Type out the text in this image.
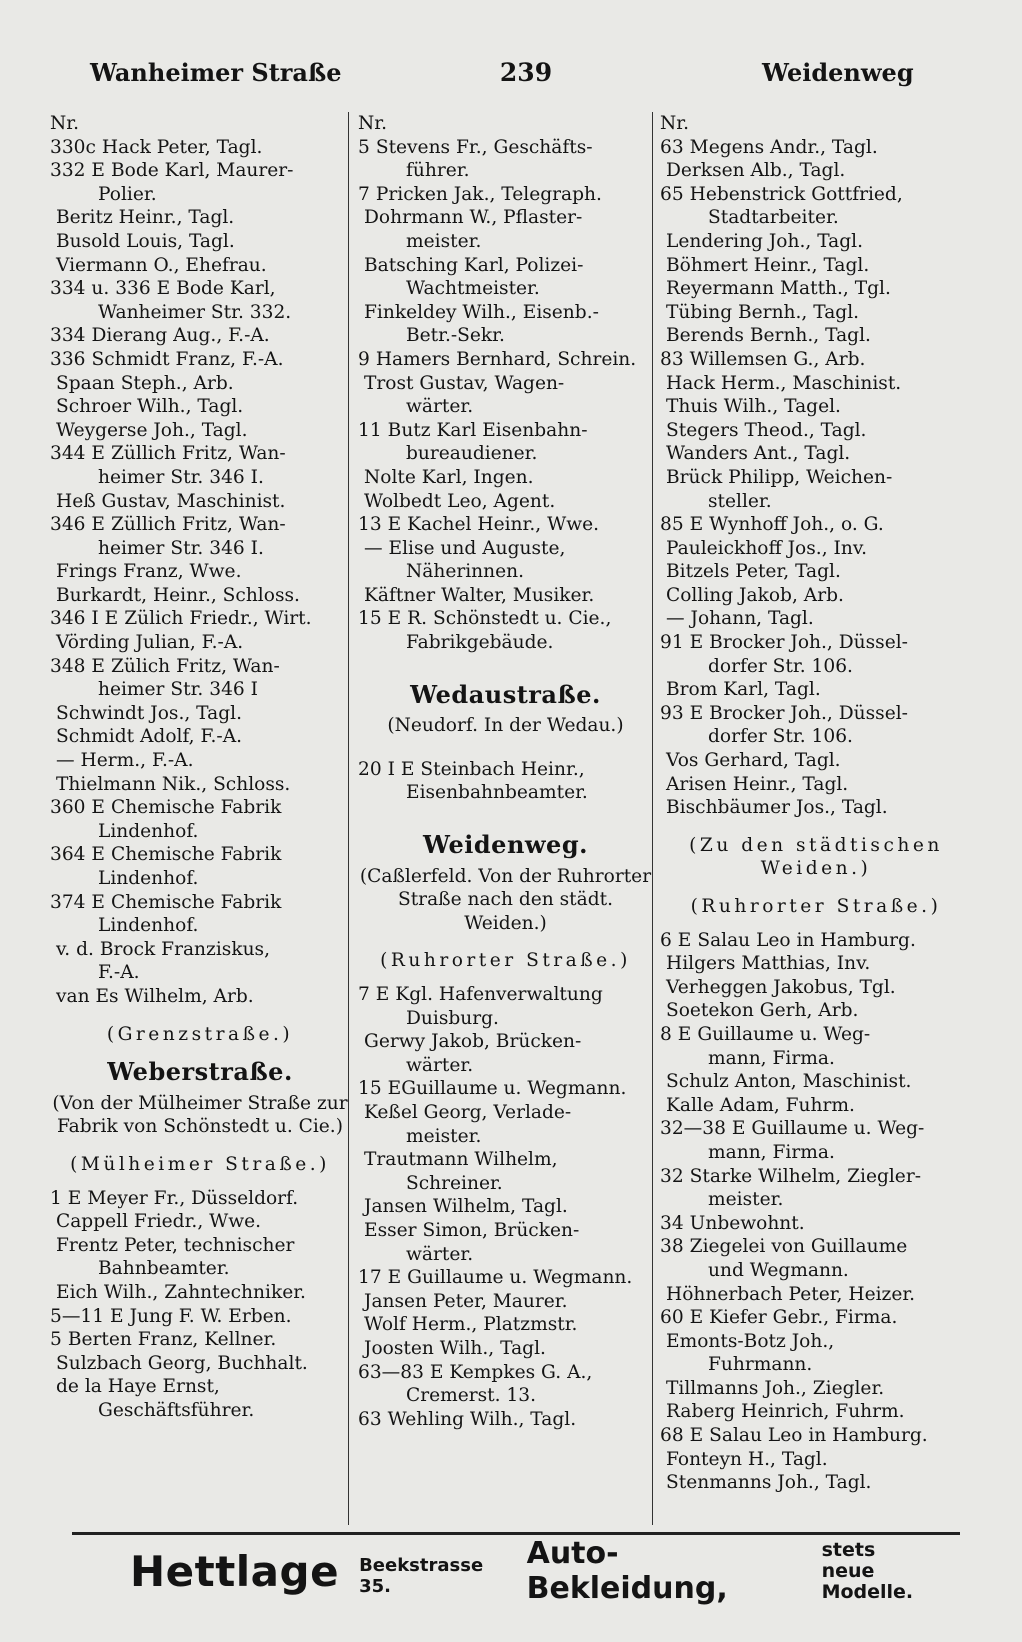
Wanheimer Straße	239	Weidenweg
Nr.
330c Hack Peter, Tagl.
332 E Bode Karl, Maurer-
Polier.
Beritz Heinr., Tagl.
Busold Louis, Tagl.
Viermann O., Ehefrau.
334 u. 336 E Bode Karl,
Wanheimer Str. 332.
334 Dierang Aug., F.-A.
336 Schmidt Franz, F.-A.
Spaan Steph., Arb.
Schroer Wilh., Tagl.
Weygerse Joh., Tagl.
344 E Züllich Fritz, Wan-
heimer Str. 346 I.
Heß Gustav, Maschinist.
346 E Züllich Fritz, Wan-
heimer Str. 346 I.
Frings Franz, Wwe.
Burkardt, Heinr., Schloss.
346 I E Zülich Friedr., Wirt.
Vörding Julian, F.-A.
348 E Zülich Fritz, Wan-
heimer Str. 346 I
Schwindt Jos., Tagl.
Schmidt Adolf, F.-A.
— Herm., F.-A.
Thielmann Nik., Schloss.
360 E Chemische Fabrik
Lindenhof.
364 E Chemische Fabrik
Lindenhof.
374 E Chemische Fabrik
Lindenhof.
v. d. Brock Franziskus,
F.-A.
van Es Wilhelm, Arb.
(Grenzstraße.)
Weberstraße.
(Von der Mülheimer Straße zur Fabrik von Schönstedt u. Cie.)
(Mülheimer Straße.)
1 E Meyer Fr., Düsseldorf.
Cappell Friedr., Wwe.
Frentz Peter, technischer
Bahnbeamter.
Eich Wilh., Zahntechniker.
5—11 E Jung F. W. Erben.
5 Berten Franz, Kellner.
Sulzbach Georg, Buchhalt.
de la Haye Ernst,
Geschäftsführer.
Nr.
5 Stevens Fr., Geschäfts-
führer.
7 Pricken Jak., Telegraph.
Dohrmann W., Pflaster-
meister.
Batsching Karl, Polizei-
Wachtmeister.
Finkeldey Wilh., Eisenb.-
Betr.-Sekr.
9 Hamers Bernhard, Schrein.
Trost Gustav, Wagen-
wärter.
11 Butz Karl Eisenbahn-
bureaudiener.
Nolte Karl, Ingen.
Wolbedt Leo, Agent.
13 E Kachel Heinr., Wwe.
— Elise und Auguste,
Näherinnen.
Käftner Walter, Musiker.
15 E R. Schönstedt u. Cie.,
Fabrikgebäude.
Wedaustraße.
(Neudorf. In der Wedau.)
20 I E Steinbach Heinr.,
Eisenbahnbeamter.
Weidenweg.
(Caßlerfeld. Von der Ruhrorter Straße nach den städt. Weiden.)
(Ruhrorter Straße.)
7 E Kgl. Hafenverwaltung
Duisburg.
Gerwy Jakob, Brücken-
wärter.
15 EGuillaume u. Wegmann.
Keßel Georg, Verlade-
meister.
Trautmann Wilhelm,
Schreiner.
Jansen Wilhelm, Tagl.
Esser Simon, Brücken-
wärter.
17 E Guillaume u. Wegmann.
Jansen Peter, Maurer.
Wolf Herm., Platzmstr.
Joosten Wilh., Tagl.
63—83 E Kempkes G. A.,
Cremerst. 13.
63 Wehling Wilh., Tagl.
Nr.
63 Megens Andr., Tagl.
Derksen Alb., Tagl.
65 Hebenstrick Gottfried,
Stadtarbeiter.
Lendering Joh., Tagl.
Böhmert Heinr., Tagl.
Reyermann Matth., Tgl.
Tübing Bernh., Tagl.
Berends Bernh., Tagl.
83 Willemsen G., Arb.
Hack Herm., Maschinist.
Thuis Wilh., Tagel.
Stegers Theod., Tagl.
Wanders Ant., Tagl.
Brück Philipp, Weichen-
steller.
85 E Wynhoff Joh., o. G.
Pauleickhoff Jos., Inv.
Bitzels Peter, Tagl.
Colling Jakob, Arb.
— Johann, Tagl.
91 E Brocker Joh., Düssel-
dorfer Str. 106.
Brom Karl, Tagl.
93 E Brocker Joh., Düssel-
dorfer Str. 106.
Vos Gerhard, Tagl.
Arisen Heinr., Tagl.
Bischbäumer Jos., Tagl.
(Zu den städtischen Weiden.)
(Ruhrorter Straße.)
6 E Salau Leo in Hamburg.
Hilgers Matthias, Inv.
Verheggen Jakobus, Tgl.
Soetekon Gerh, Arb.
8 E Guillaume u. Weg-
mann, Firma.
Schulz Anton, Maschinist.
Kalle Adam, Fuhrm.
32—38 E Guillaume u. Weg-
mann, Firma.
32 Starke Wilhelm, Ziegler-
meister.
34 Unbewohnt.
38 Ziegelei von Guillaume
und Wegmann.
Höhnerbach Peter, Heizer.
60 E Kiefer Gebr., Firma.
Emonts-Botz Joh.,
Fuhrmann.
Tillmanns Joh., Ziegler.
Raberg Heinrich, Fuhrm.
68 E Salau Leo in Hamburg.
Fonteyn H., Tagl.
Stenmanns Joh., Tagl.
Hettlage Beekstrasse 35.
Auto-Bekleidung,
stets neue
Modelle.
